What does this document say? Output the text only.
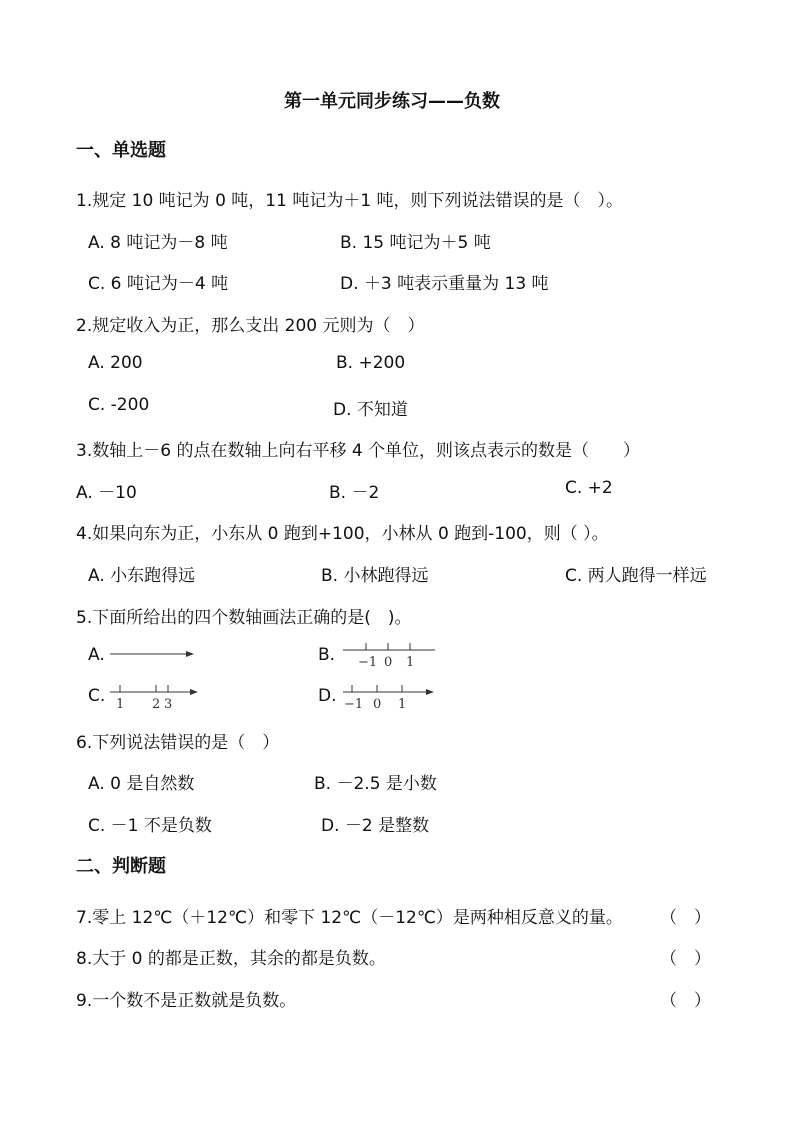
第一单元同步练习——负数
一、单选题
1.规定 10 吨记为 0 吨，11 吨记为＋1 吨，则下列说法错误的是（　）。
A. 8 吨记为－8 吨	B. 15 吨记为＋5 吨
C. 6 吨记为－4 吨	D. ＋3 吨表示重量为 13 吨
2.规定收入为正，那么支出 200 元则为（　）
A. 200	B. +200
C. -200	D. 不知道
3.数轴上－6 的点在数轴上向右平移 4 个单位，则该点表示的数是（　　）
A. －10	B. －2	C. +2
4.如果向东为正，小东从 0 跑到+100，小林从 0 跑到-100，则（ ）。
A. 小东跑得远	B. 小林跑得远	C. 两人跑得一样远
5.下面所给出的四个数轴画法正确的是(　)。
A.	B. −1 0 1
C. 1 2 3	D. −1 0 1
6.下列说法错误的是（　）
A. 0 是自然数	B. －2.5 是小数
C. －1 不是负数	D. －2 是整数
二、判断题
7.零上 12℃（＋12℃）和零下 12℃（－12℃）是两种相反意义的量。 （　）
8.大于 0 的都是正数，其余的都是负数。	（　）
9.一个数不是正数就是负数。	（　）
